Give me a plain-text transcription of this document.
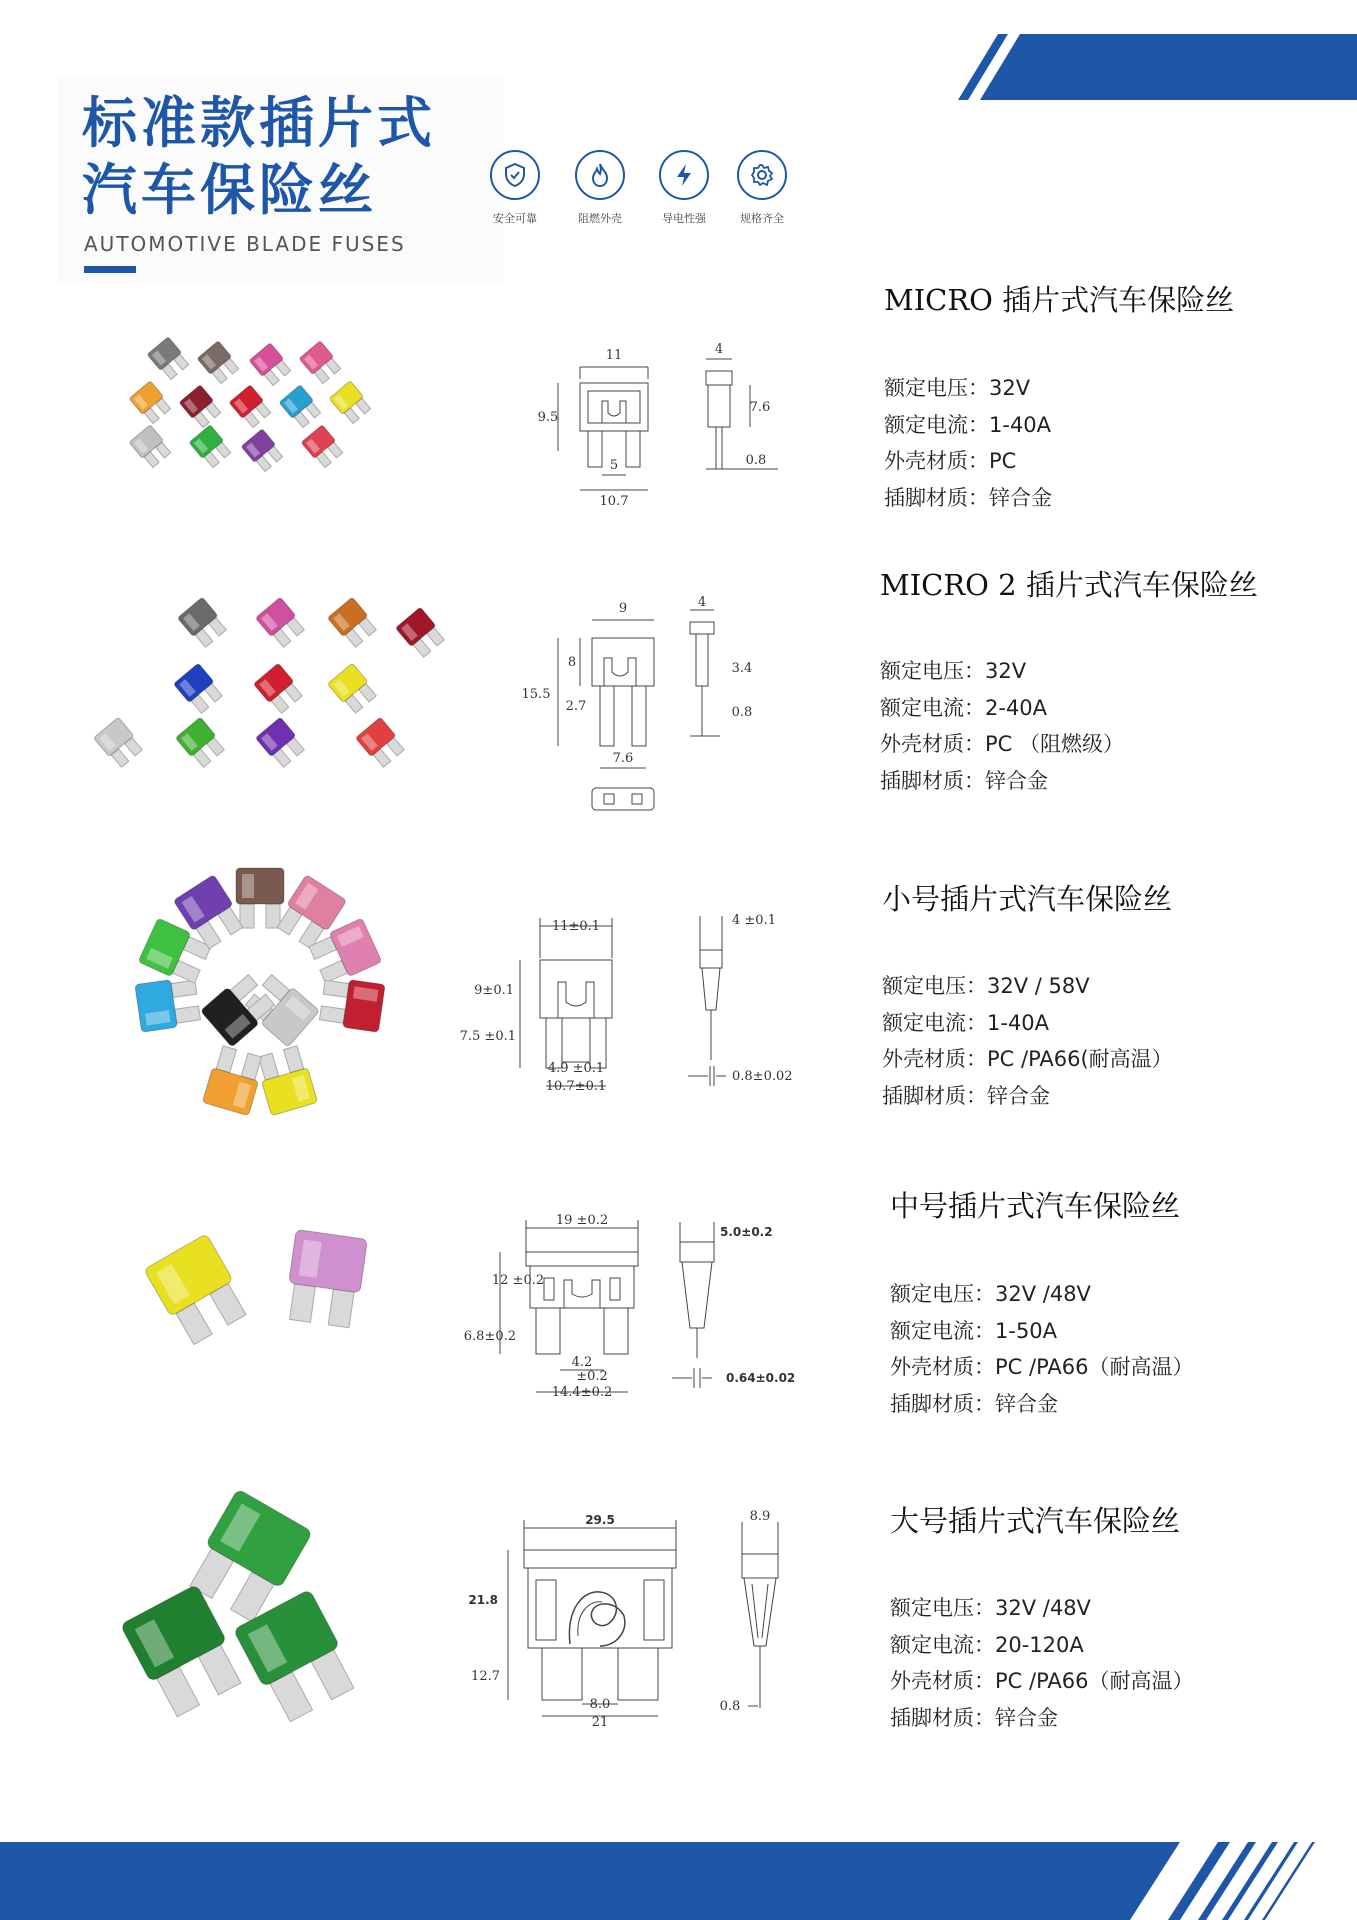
标准款插片式
汽车保险丝
AUTOMOTIVE BLADE FUSES
安全可靠	阻燃外壳	导电性强	规格齐全
11	4
9.5
7.6
5	0.8
10.7
MICRO 插片式汽车保险丝
额定电压：32V
额定电流：1-40A
外壳材质：PC
插脚材质：锌合金
9	4
8
15.5
2.7
3.4
0.8
7.6
MICRO 2 插片式汽车保险丝
额定电压：32V
额定电流：2-40A
外壳材质：PC （阻燃级）
插脚材质：锌合金
11±0.1	4 ±0.1
9±0.1
7.5 ±0.1
4.9 ±0.1
10.7±0.1
0.8±0.02
小号插片式汽车保险丝
额定电压：32V / 58V
额定电流：1-40A
外壳材质：PC /PA66(耐高温）
插脚材质：锌合金
19 ±0.2
5.0±0.2
12 ±0.2
6.8±0.2
4.2
±0.2
14.4±0.2
0.64±0.02
中号插片式汽车保险丝
额定电压：32V /48V
额定电流：1-50A
外壳材质：PC /PA66（耐高温）
插脚材质：锌合金
29.5	8.9
21.8
12.7
8.0
21
0.8
大号插片式汽车保险丝
额定电压：32V /48V
额定电流：20-120A
外壳材质：PC /PA66（耐高温）
插脚材质：锌合金
